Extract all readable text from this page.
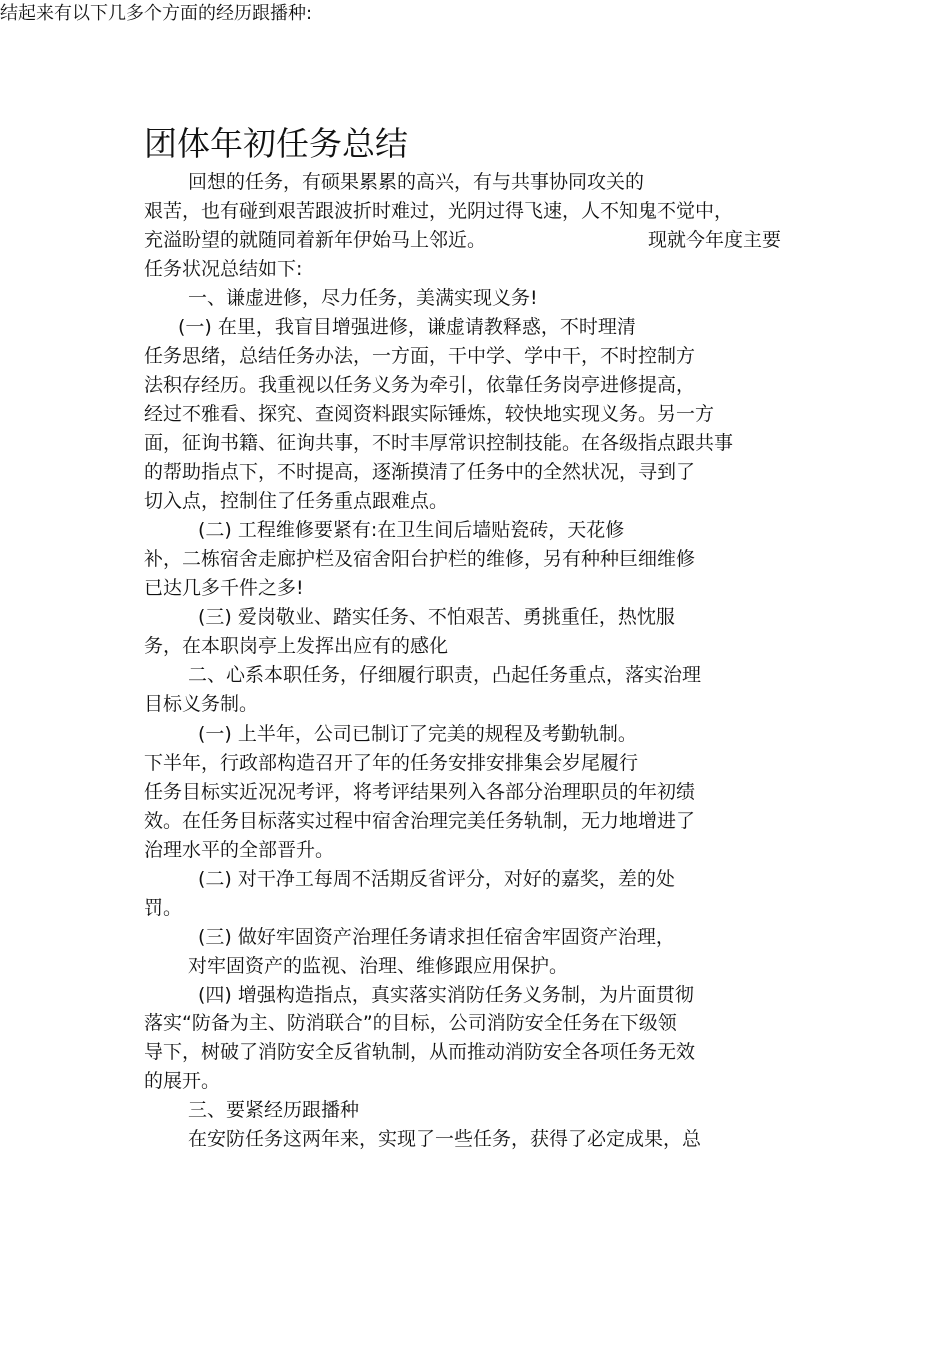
结起来有以下几多个方面的经历跟播种:
团体年初任务总结
回想的任务，有硕果累累的高兴，有与共事协同攻关的
艰苦，也有碰到艰苦跟波折时难过，光阴过得飞速，人不知鬼不觉中，
充溢盼望的就随同着新年伊始马上邻近。	现就今年度主要
任务状况总结如下:
一、谦虚进修，尽力任务，美满实现义务!
(一) 在里，我盲目增强进修，谦虚请教释惑，不时理清
任务思绪，总结任务办法，一方面，干中学、学中干，不时控制方
法积存经历。我重视以任务义务为牵引，依靠任务岗亭进修提高，
经过不雅看、探究、查阅资料跟实际锤炼，较快地实现义务。另一方
面，征询书籍、征询共事，不时丰厚常识控制技能。在各级指点跟共事
的帮助指点下，不时提高，逐渐摸清了任务中的全然状况，寻到了
切入点，控制住了任务重点跟难点。
(二) 工程维修要紧有:在卫生间后墙贴瓷砖，天花修
补，二栋宿舍走廊护栏及宿舍阳台护栏的维修，另有种种巨细维修
已达几多千件之多!
(三) 爱岗敬业、踏实任务、不怕艰苦、勇挑重任，热忱服
务，在本职岗亭上发挥出应有的感化
二、心系本职任务，仔细履行职责，凸起任务重点，落实治理
目标义务制。
(一) 上半年，公司已制订了完美的规程及考勤轨制。
下半年，行政部构造召开了年的任务安排安排集会岁尾履行
任务目标实近况况考评，将考评结果列入各部分治理职员的年初绩
效。在任务目标落实过程中宿舍治理完美任务轨制，无力地增进了
治理水平的全部晋升。
(二) 对干净工每周不活期反省评分，对好的嘉奖，差的处
罚。
(三) 做好牢固资产治理任务请求担任宿舍牢固资产治理，
对牢固资产的监视、治理、维修跟应用保护。
(四) 增强构造指点，真实落实消防任务义务制，为片面贯彻
落实“防备为主、防消联合”的目标，公司消防安全任务在下级领
导下，树破了消防安全反省轨制，从而推动消防安全各项任务无效
的展开。
三、要紧经历跟播种
在安防任务这两年来，实现了一些任务，获得了必定成果，总
